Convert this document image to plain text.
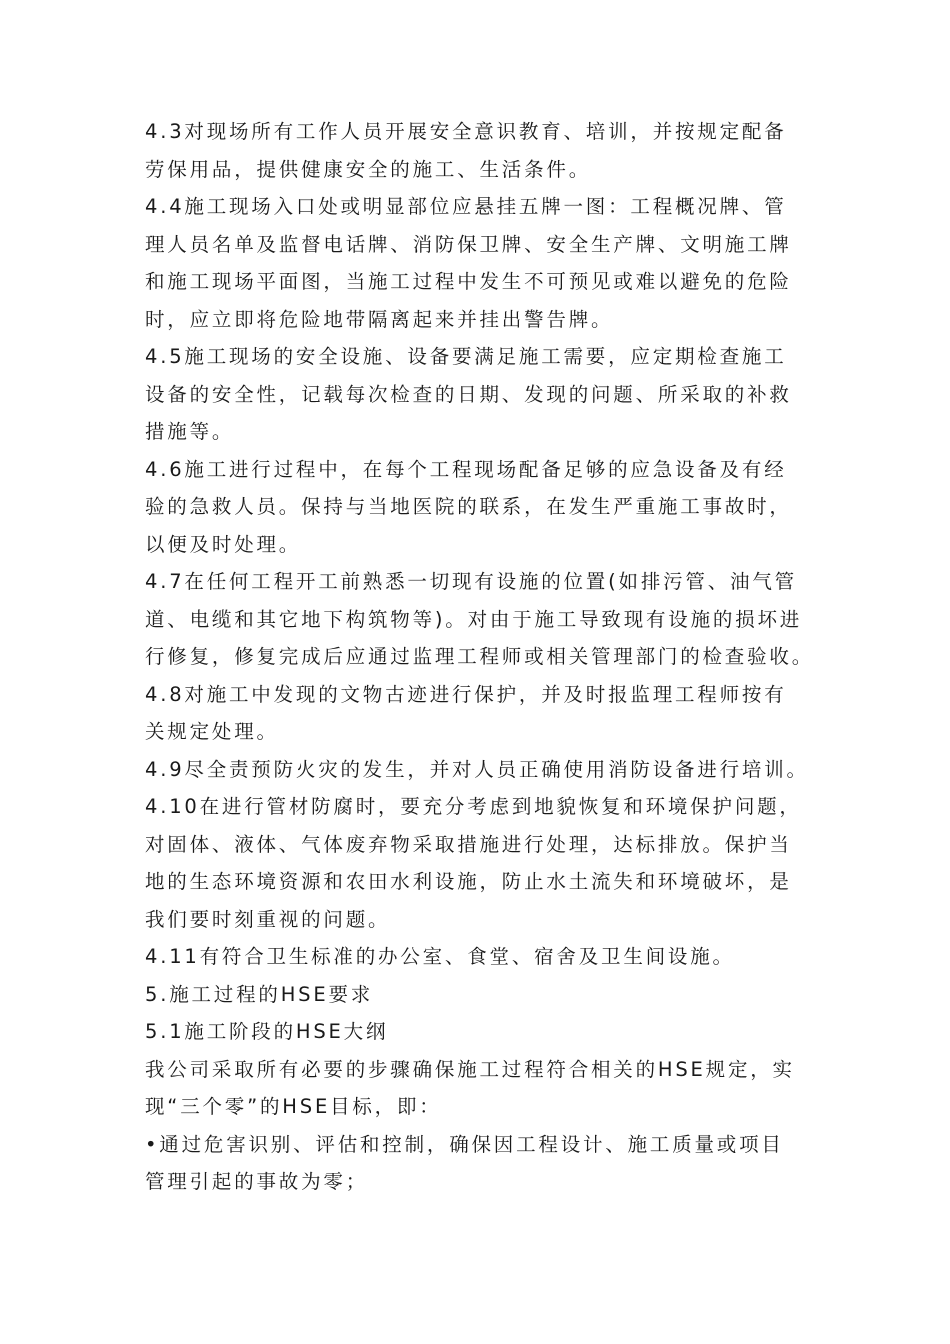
4.3对现场所有工作人员开展安全意识教育、培训，并按规定配备
劳保用品，提供健康安全的施工、生活条件。
4.4施工现场入口处或明显部位应悬挂五牌一图：工程概况牌、管
理人员名单及监督电话牌、消防保卫牌、安全生产牌、文明施工牌
和施工现场平面图，当施工过程中发生不可预见或难以避免的危险
时，应立即将危险地带隔离起来并挂出警告牌。
4.5施工现场的安全设施、设备要满足施工需要，应定期检查施工
设备的安全性，记载每次检查的日期、发现的问题、所采取的补救
措施等。
4.6施工进行过程中，在每个工程现场配备足够的应急设备及有经
验的急救人员。保持与当地医院的联系，在发生严重施工事故时，
以便及时处理。
4.7在任何工程开工前熟悉一切现有设施的位置(如排污管、油气管
道、电缆和其它地下构筑物等)。对由于施工导致现有设施的损坏进
行修复，修复完成后应通过监理工程师或相关管理部门的检查验收。
4.8对施工中发现的文物古迹进行保护，并及时报监理工程师按有
关规定处理。
4.9尽全责预防火灾的发生，并对人员正确使用消防设备进行培训。
4.10在进行管材防腐时，要充分考虑到地貌恢复和环境保护问题，
对固体、液体、气体废弃物采取措施进行处理，达标排放。保护当
地的生态环境资源和农田水利设施，防止水土流失和环境破坏，是
我们要时刻重视的问题。
4.11有符合卫生标准的办公室、食堂、宿舍及卫生间设施。
5.施工过程的HSE要求
5.1施工阶段的HSE大纲
我公司采取所有必要的步骤确保施工过程符合相关的HSE规定，实
现“三个零”的HSE目标，即：
•通过危害识别、评估和控制，确保因工程设计、施工质量或项目
管理引起的事故为零；
